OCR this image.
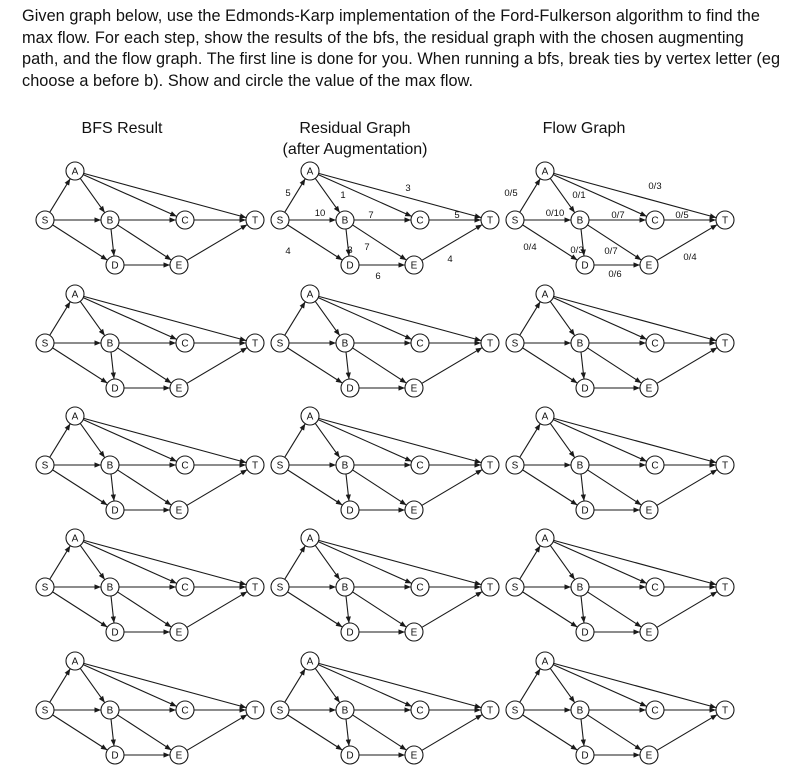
Given graph below, use the Edmonds-Karp implementation of the Ford-Fulkerson algorithm to find the max flow. For each step, show the results of the bfs, the residual graph with the chosen augmenting path, and the flow graph. The first line is done for you. When running a bfs, break ties by vertex letter (eg choose a before b). Show and circle the value of the max flow.

BFS Result	Residual Graph
(after Augmentation)
Flow Graph
S
A
B	C	T
D	E
S
A
B	C	T
D	E
S
A
B	C	T
D	E
S
A
B	C	T
D	E
S
A
B	C	T
D	E
S
A
B	C	T
D	E
S
A
B	C	T
D	E
S
A
B	C	T
D	E
S
A
B	C	T
D	E
S
A
B	C	T
D	E
S
A
B	C	T
D	E
S
A
B	C	T
D	E
S
A
B	C	T
D	E
S
A
B	C	T
D	E
S
A
B	C	T
D	E
5
10
1
3
7	5
3 7
6
4
4
0/5
0/10
0/1
0/3
0/7	0/5
0/3 0/7
0/6
0/4
0/4
